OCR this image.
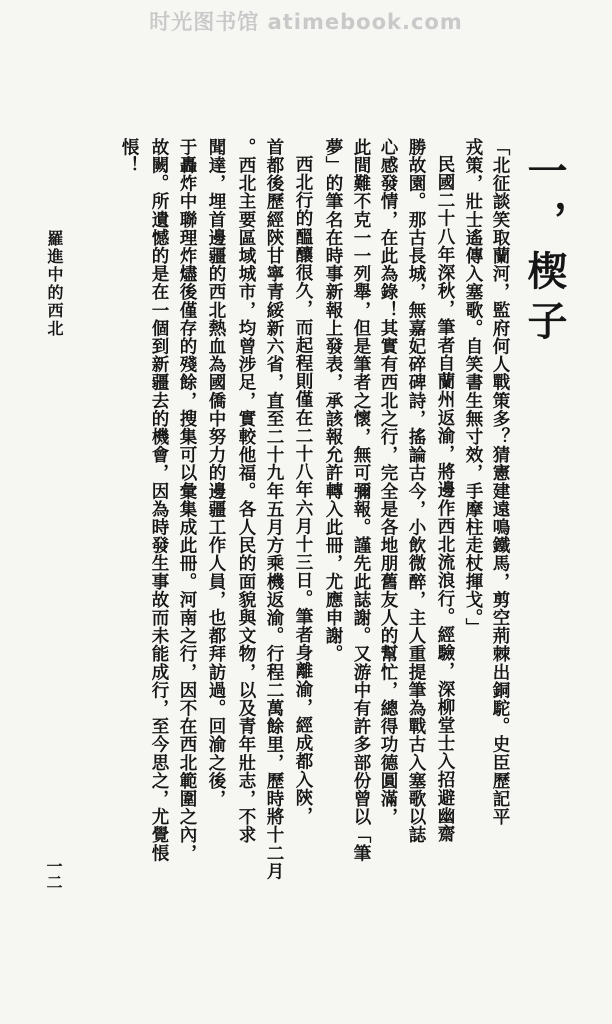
时光图书馆 atimebook.com
一，楔子
「北征談笑取蘭河，監府何人戰策多？猜憲建遠鳴鐵馬，剪空荊棘出銅駝。史臣歷記平
戎策，壯士遙傳入塞歌。自笑書生無寸效，手摩柱走杖揮戈。」
民國二十八年深秋，筆者自蘭州返渝，將邊作西北流浪行。經驗，深柳堂士入招避幽齋
勝故園。那古長城，無嘉妃碎碑詩，搖論古今，小飲微醉，主人重提筆為戰古入塞歌以誌
心感發情，在此為錄！其實有西北之行，完全是各地朋舊友人的幫忙，總得功德圓滿，
此間難不克一一列舉，但是筆者之懷，無可彌報。謹先此誌謝。又游中有許多部份曾以「筆
夢」的筆名在時事新報上發表，承該報允許轉入此冊，尤應申謝。
西北行的醞釀很久，而起程則僅在二十八年六月十三日。筆者身離渝，經成都入陝，
首都後歷經陝甘寧青綏新六省，直至二十九年五月方乘機返渝。行程二萬餘里，歷時將十二月
。西北主要區域城市，均曾涉足，實較他福。各人民的面貌與文物，以及青年壯志，不求
聞達，埋首邊疆的西北熱血為國僑中努力的邊疆工作人員，也都拜訪過。回渝之後，
于轟炸中聯理炸燼後僅存的殘餘，搜集可以彙集成此冊。河南之行，因不在西北範圍之內，
故闕。所遺憾的是在一個到新疆去的機會，因為時發生事故而未能成行，至今思之，尤覺悵
悵！
羅進中的西北
一二
